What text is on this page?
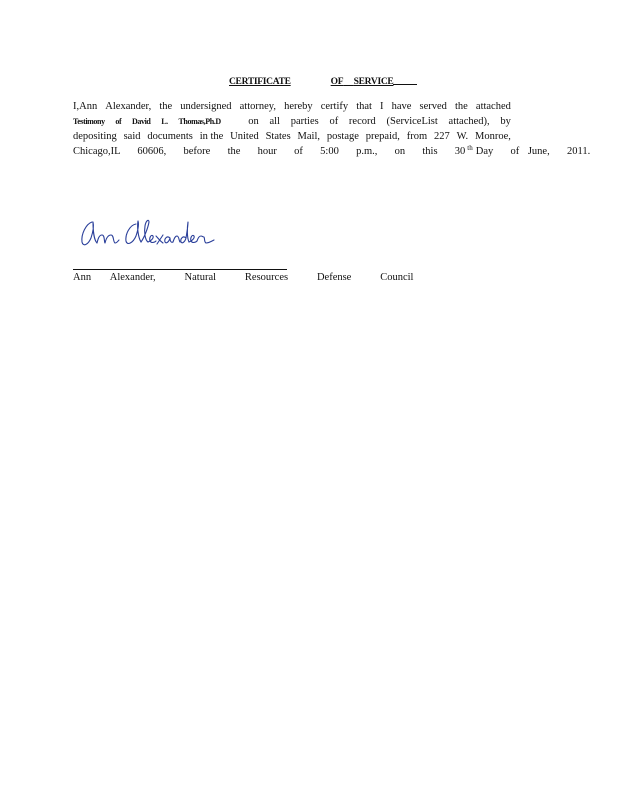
CERTIFICATE	OF SERVICE
I,Ann Alexander, the undersigned attorney, hereby certify that I have served the attached
Testimony of David L. Thomas,Ph.D	on all parties of record (ServiceList attached), by
depositing said documents in the United States Mail, postage prepaid, from 227 W. Monroe,
Chicago,IL  60606,  before  the  hour  of  5:00  p.m.,  on  this  30 th Day  of June,  2011.
Ann  Alexander,   Natural   Resources   Defense   Council
